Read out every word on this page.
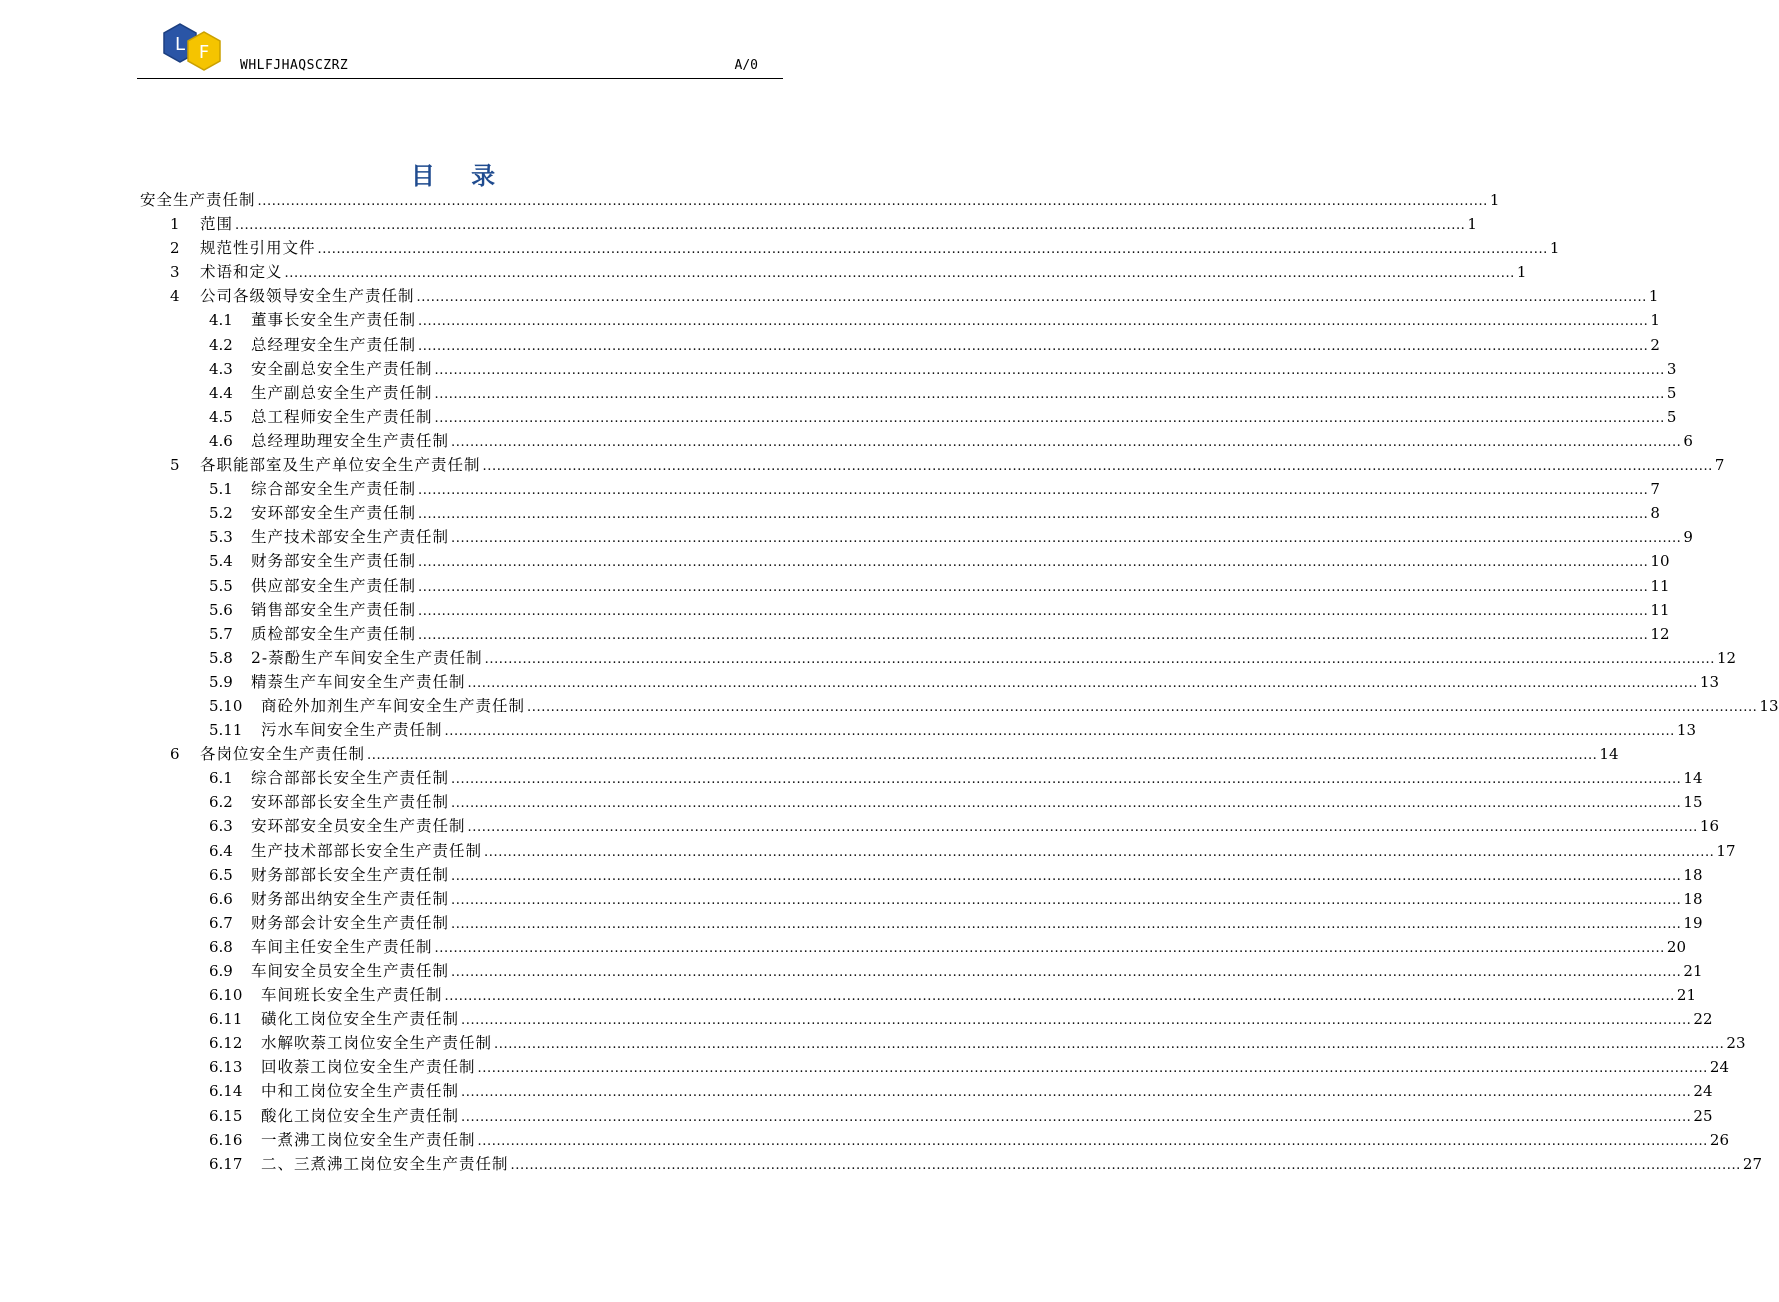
L F
WHLFJHAQSCZRZ	A/0
目 录
安全生产责任制 .................................................................................................................................................................................................................................................................... 1
1	范围 .................................................................................................................................................................................................................................................................... 1
2	规范性引用文件 .................................................................................................................................................................................................................................................................... 1
3	术语和定义 .................................................................................................................................................................................................................................................................... 1
4	公司各级领导安全生产责任制 .................................................................................................................................................................................................................................................................... 1
4.1	董事长安全生产责任制 .................................................................................................................................................................................................................................................................... 1
4.2	总经理安全生产责任制 .................................................................................................................................................................................................................................................................... 2
4.3	安全副总安全生产责任制 .................................................................................................................................................................................................................................................................... 3
4.4	生产副总安全生产责任制 .................................................................................................................................................................................................................................................................... 5
4.5	总工程师安全生产责任制 .................................................................................................................................................................................................................................................................... 5
4.6	总经理助理安全生产责任制 .................................................................................................................................................................................................................................................................... 6
5	各职能部室及生产单位安全生产责任制 .................................................................................................................................................................................................................................................................... 7
5.1	综合部安全生产责任制 .................................................................................................................................................................................................................................................................... 7
5.2	安环部安全生产责任制 .................................................................................................................................................................................................................................................................... 8
5.3	生产技术部安全生产责任制 .................................................................................................................................................................................................................................................................... 9
5.4	财务部安全生产责任制 .................................................................................................................................................................................................................................................................... 10
5.5	供应部安全生产责任制 .................................................................................................................................................................................................................................................................... 11
5.6	销售部安全生产责任制 .................................................................................................................................................................................................................................................................... 11
5.7	质检部安全生产责任制 .................................................................................................................................................................................................................................................................... 12
5.8	2-萘酚生产车间安全生产责任制 .................................................................................................................................................................................................................................................................... 12
5.9	精萘生产车间安全生产责任制 .................................................................................................................................................................................................................................................................... 13
5.10	商砼外加剂生产车间安全生产责任制 .................................................................................................................................................................................................................................................................... 13
5.11	污水车间安全生产责任制 .................................................................................................................................................................................................................................................................... 13
6	各岗位安全生产责任制 .................................................................................................................................................................................................................................................................... 14
6.1	综合部部长安全生产责任制 .................................................................................................................................................................................................................................................................... 14
6.2	安环部部长安全生产责任制 .................................................................................................................................................................................................................................................................... 15
6.3	安环部安全员安全生产责任制 .................................................................................................................................................................................................................................................................... 16
6.4	生产技术部部长安全生产责任制 .................................................................................................................................................................................................................................................................... 17
6.5	财务部部长安全生产责任制 .................................................................................................................................................................................................................................................................... 18
6.6	财务部出纳安全生产责任制 .................................................................................................................................................................................................................................................................... 18
6.7	财务部会计安全生产责任制 .................................................................................................................................................................................................................................................................... 19
6.8	车间主任安全生产责任制 .................................................................................................................................................................................................................................................................... 20
6.9	车间安全员安全生产责任制 .................................................................................................................................................................................................................................................................... 21
6.10	车间班长安全生产责任制 .................................................................................................................................................................................................................................................................... 21
6.11	磺化工岗位安全生产责任制 .................................................................................................................................................................................................................................................................... 22
6.12	水解吹萘工岗位安全生产责任制 .................................................................................................................................................................................................................................................................... 23
6.13	回收萘工岗位安全生产责任制 .................................................................................................................................................................................................................................................................... 24
6.14	中和工岗位安全生产责任制 .................................................................................................................................................................................................................................................................... 24
6.15	酸化工岗位安全生产责任制 .................................................................................................................................................................................................................................................................... 25
6.16	一煮沸工岗位安全生产责任制 .................................................................................................................................................................................................................................................................... 26
6.17	二、三煮沸工岗位安全生产责任制 .................................................................................................................................................................................................................................................................... 27
